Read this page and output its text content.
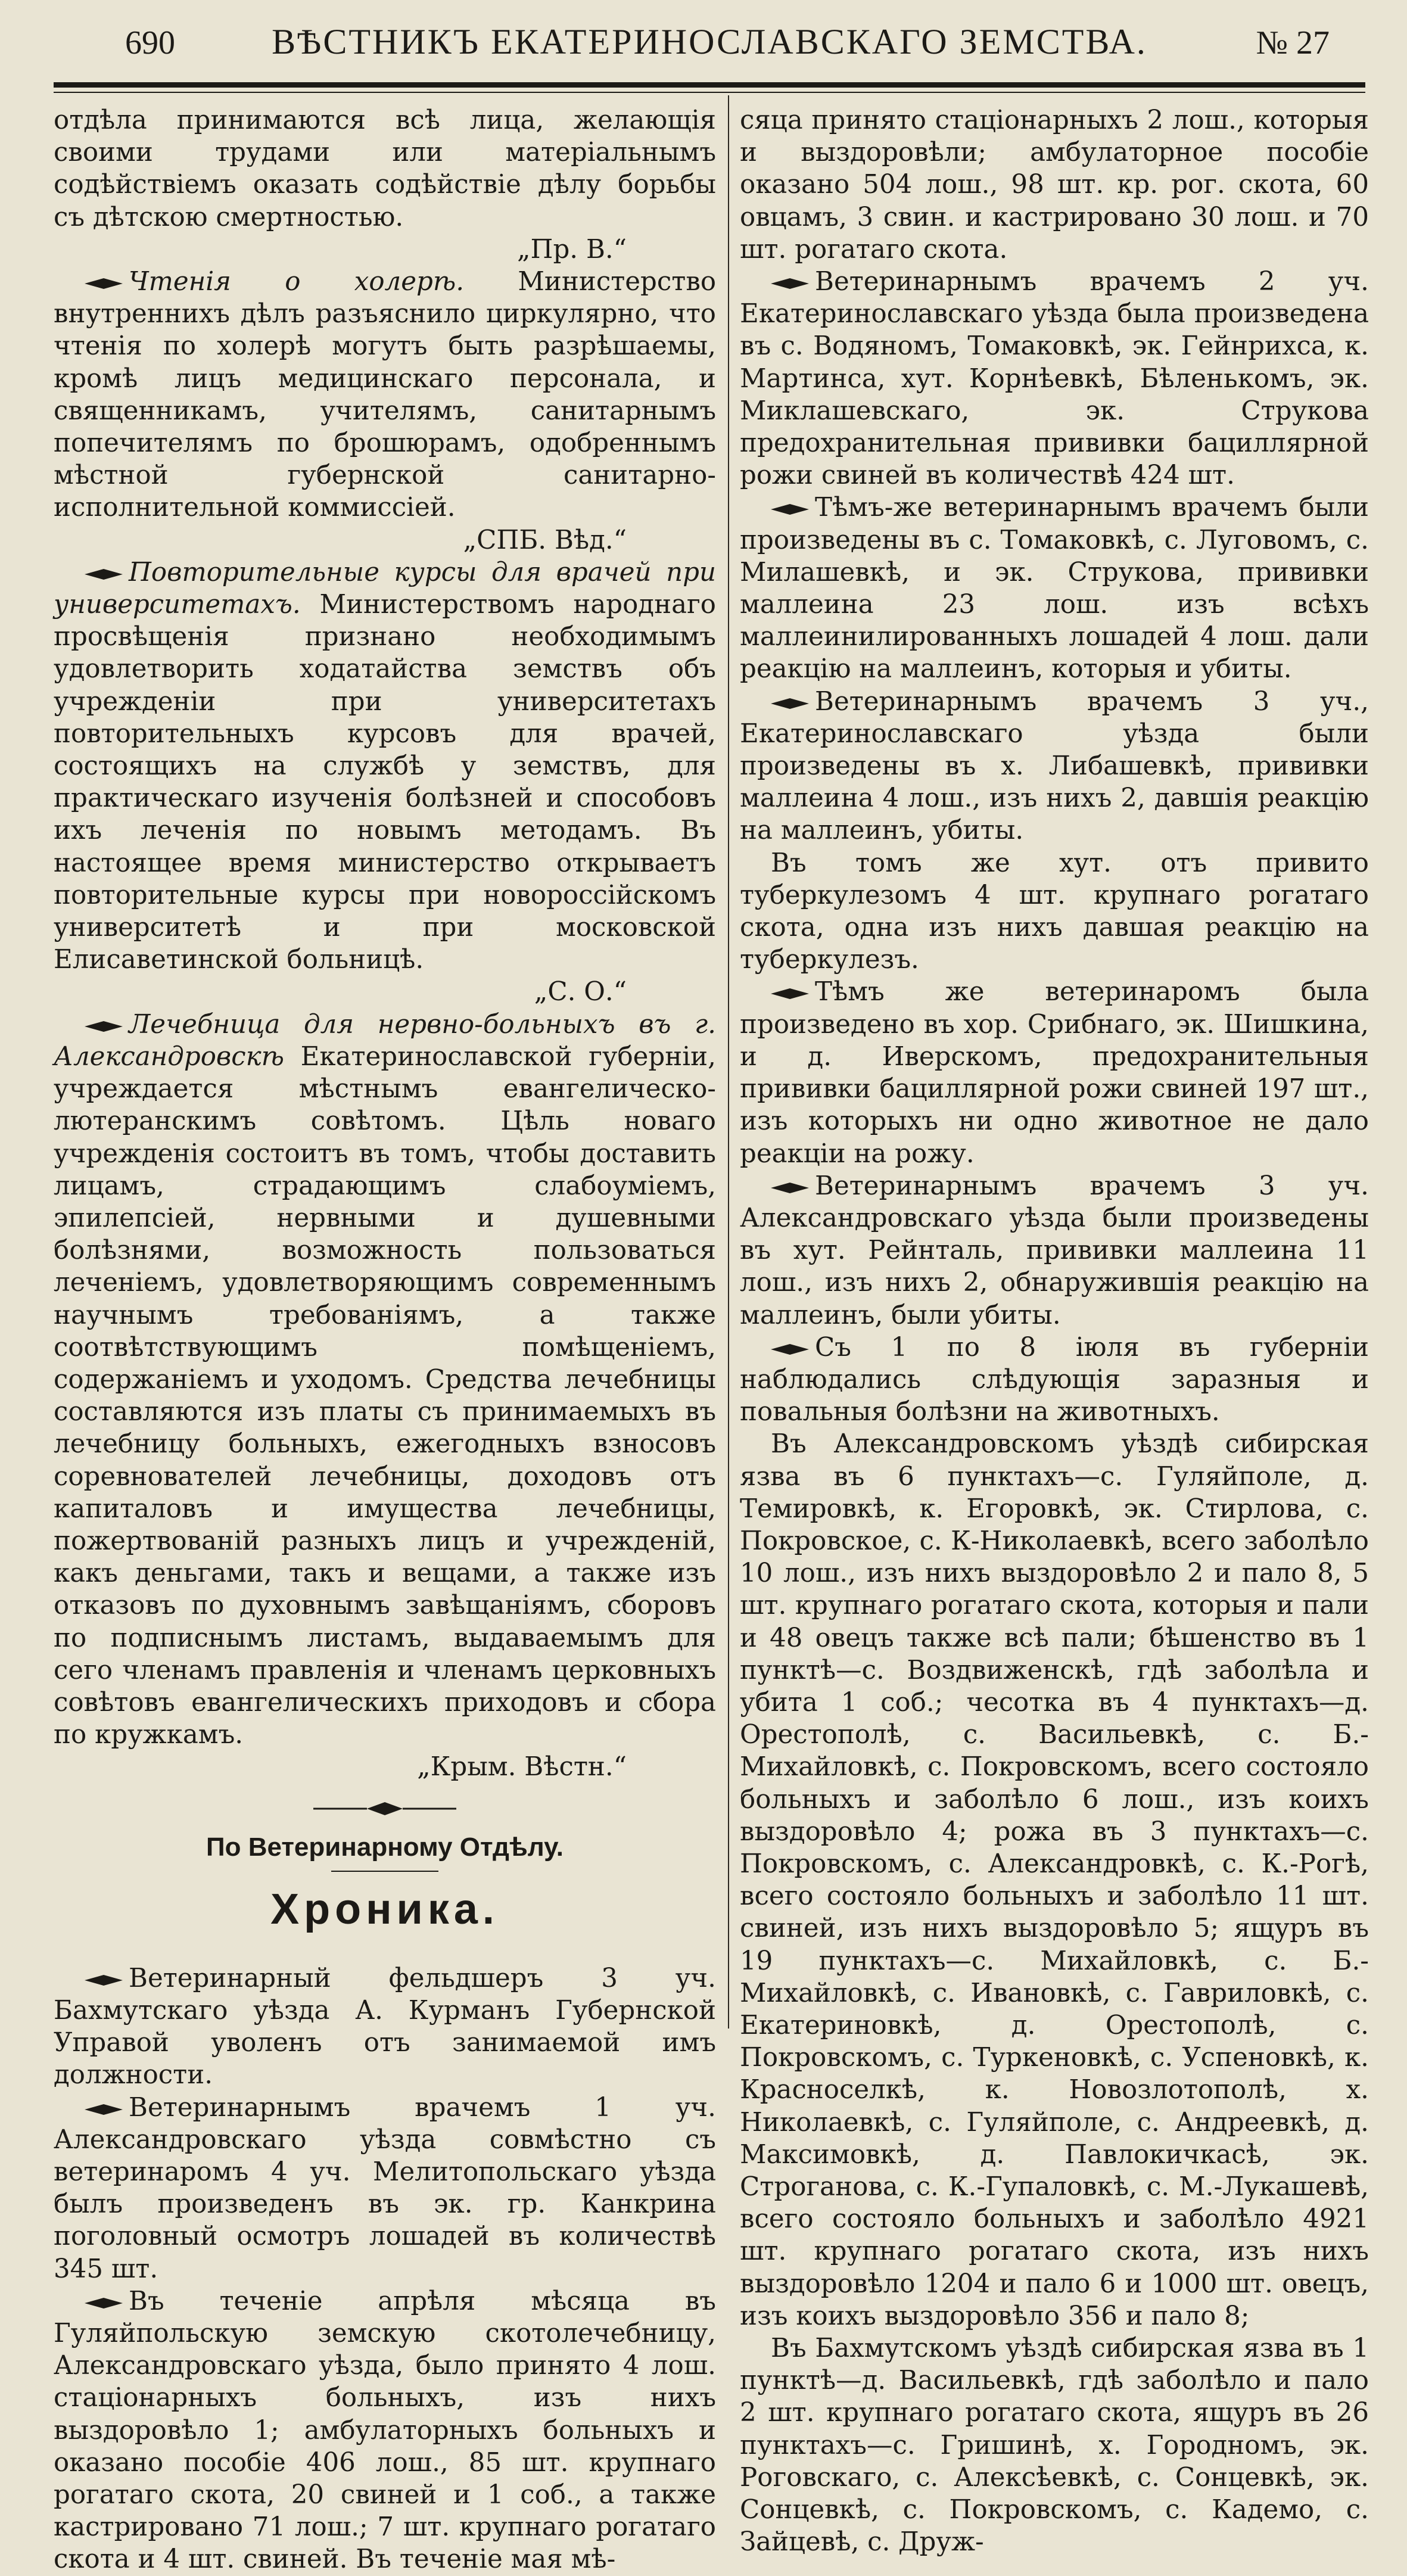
690	ВѢСТНИКЪ ЕКАТЕРИНОСЛАВСКАГО ЗЕМСТВА.	№ 27

отдѣла принимаются всѣ лица, желающія своими трудами или матеріальнымъ содѣйствіемъ оказать содѣйствіе дѣлу борьбы съ дѣтскою смертностью.

„Пр. В.“

Чтенія о холерѣ. Министерство внутреннихъ дѣлъ разъяснило циркулярно, что чтенія по холерѣ могутъ быть разрѣшаемы, кромѣ лицъ медицинскаго персонала, и священникамъ, учителямъ, санитарнымъ попечителямъ по брошюрамъ, одобреннымъ мѣстной губернской санитарно-исполнительной коммиссіей.

„СПБ. Вѣд.“

Повторительные курсы для врачей при университетахъ. Министерствомъ народнаго просвѣщенія признано необходимымъ удовлетворить ходатайства земствъ объ учрежденіи при университетахъ повторительныхъ курсовъ для врачей, состоящихъ на службѣ у земствъ, для практическаго изученія болѣзней и способовъ ихъ леченія по новымъ методамъ. Въ настоящее время министерство открываетъ повторительные курсы при новороссійскомъ университетѣ и при московской Елисаветинской больницѣ.

„С. О.“

Лечебница для нервно-больныхъ въ г. Александровскѣ Екатеринославской губерніи, учреждается мѣстнымъ евангелическо-лютеранскимъ совѣтомъ. Цѣль новаго учрежденія состоитъ въ томъ, чтобы доставить лицамъ, страдающимъ слабоуміемъ, эпилепсіей, нервными и душевными болѣзнями, возможность пользоваться леченіемъ, удовлетворяющимъ современнымъ научнымъ требованіямъ, а также соотвѣтствующимъ помѣщеніемъ, содержаніемъ и уходомъ. Средства лечебницы составляются изъ платы съ принимаемыхъ въ лечебницу больныхъ, ежегодныхъ взносовъ соревнователей лечебницы, доходовъ отъ капиталовъ и имущества лечебницы, пожертвованій разныхъ лицъ и учрежденій, какъ деньгами, такъ и вещами, а также изъ отказовъ по духовнымъ завѣщаніямъ, сборовъ по подписнымъ листамъ, выдаваемымъ для сего членамъ правленія и членамъ церковныхъ совѣтовъ евангелическихъ приходовъ и сбора по кружкамъ.

„Крым. Вѣстн.“

По Ветеринарному Отдѣлу.
Хроника.

Ветеринарный фельдшеръ 3 уч. Бахмутскаго уѣзда А. Курманъ Губернской Управой уволенъ отъ занимаемой имъ должности.

Ветеринарнымъ врачемъ 1 уч. Александровскаго уѣзда совмѣстно съ ветеринаромъ 4 уч. Мелитопольскаго уѣзда былъ произведенъ въ эк. гр. Канкрина поголовный осмотръ лошадей въ количествѣ 345 шт.

Въ теченіе апрѣля мѣсяца въ Гуляйпольскую земскую скотолечебницу, Александровскаго уѣзда, было принято 4 лош. стаціонарныхъ больныхъ, изъ нихъ выздоровѣло 1; амбулаторныхъ больныхъ и оказано пособіе 406 лош., 85 шт. крупнаго рогатаго скота, 20 свиней и 1 соб., а также кастрировано 71 лош.; 7 шт. крупнаго рогатаго скота и 4 шт. свиней. Въ теченіе мая мѣ-

сяца принято стаціонарныхъ 2 лош., которыя и выздоровѣли; амбулаторное пособіе оказано 504 лош., 98 шт. кр. рог. скота, 60 овцамъ, 3 свин. и кастрировано 30 лош. и 70 шт. рогатаго скота.

Ветеринарнымъ врачемъ 2 уч. Екатеринославскаго уѣзда была произведена въ с. Водяномъ, Томаковкѣ, эк. Гейнрихса, к. Мартинса, хут. Корнѣевкѣ, Бѣленькомъ, эк. Миклашевскаго, эк. Струкова предохранительная прививки бациллярной рожи свиней въ количествѣ 424 шт.

Тѣмъ-же ветеринарнымъ врачемъ были произведены въ с. Томаковкѣ, с. Луговомъ, с. Милашевкѣ, и эк. Струкова, прививки маллеина 23 лош. изъ всѣхъ маллеинилированныхъ лошадей 4 лош. дали реакцію на маллеинъ, которыя и убиты.

Ветеринарнымъ врачемъ 3 уч., Екатеринославскаго уѣзда были произведены въ х. Либашевкѣ, прививки маллеина 4 лош., изъ нихъ 2, давшія реакцію на маллеинъ, убиты.

Въ томъ же хут. отъ привито туберкулезомъ 4 шт. крупнаго рогатаго скота, одна изъ нихъ давшая реакцію на туберкулезъ.

Тѣмъ же ветеринаромъ была произведено въ хор. Срибнаго, эк. Шишкина, и д. Иверскомъ, предохранительныя прививки бациллярной рожи свиней 197 шт., изъ которыхъ ни одно животное не дало реакціи на рожу.

Ветеринарнымъ врачемъ 3 уч. Александровскаго уѣзда были произведены въ хут. Рейнталь, прививки маллеина 11 лош., изъ нихъ 2, обнаружившія реакцію на маллеинъ, были убиты.

Съ 1 по 8 іюля въ губерніи наблюдались слѣдующія заразныя и повальныя болѣзни на животныхъ.

Въ Александровскомъ уѣздѣ сибирская язва въ 6 пунктахъ—с. Гуляйполе, д. Темировкѣ, к. Егоровкѣ, эк. Стирлова, с. Покровское, с. К-Николаевкѣ, всего заболѣло 10 лош., изъ нихъ выздоровѣло 2 и пало 8, 5 шт. крупнаго рогатаго скота, которыя и пали и 48 овецъ также всѣ пали; бѣшенство въ 1 пунктѣ—с. Воздвиженскѣ, гдѣ заболѣла и убита 1 соб.; чесотка въ 4 пунктахъ—д. Орестополѣ, с. Васильевкѣ, с. Б.-Михайловкѣ, с. Покровскомъ, всего состояло больныхъ и заболѣло 6 лош., изъ коихъ выздоровѣло 4; рожа въ 3 пунктахъ—с. Покровскомъ, с. Александровкѣ, с. К.-Рогѣ, всего состояло больныхъ и заболѣло 11 шт. свиней, изъ нихъ выздоровѣло 5; ящуръ въ 19 пунктахъ—с. Михайловкѣ, с. Б.-Михайловкѣ, с. Ивановкѣ, с. Гавриловкѣ, с. Екатериновкѣ, д. Орестополѣ, с. Покровскомъ, с. Туркеновкѣ, с. Успеновкѣ, к. Красноселкѣ, к. Новозлотополѣ, х. Николаевкѣ, с. Гуляйполе, с. Андреевкѣ, д. Максимовкѣ, д. Павлокичкасѣ, эк. Строганова, с. К.-Гупаловкѣ, с. М.-Лукашевѣ, всего состояло больныхъ и заболѣло 4921 шт. крупнаго рогатаго скота, изъ нихъ выздоровѣло 1204 и пало 6 и 1000 шт. овецъ, изъ коихъ выздоровѣло 356 и пало 8;

Въ Бахмутскомъ уѣздѣ сибирская язва въ 1 пунктѣ—д. Васильевкѣ, гдѣ заболѣло и пало 2 шт. крупнаго рогатаго скота, ящуръ въ 26 пунктахъ—с. Гришинѣ, х. Городномъ, эк. Роговскаго, с. Алексѣевкѣ, с. Сонцевкѣ, эк. Сонцевкѣ, с. Покровскомъ, с. Кадемо, с. Зайцевѣ, с. Друж-
